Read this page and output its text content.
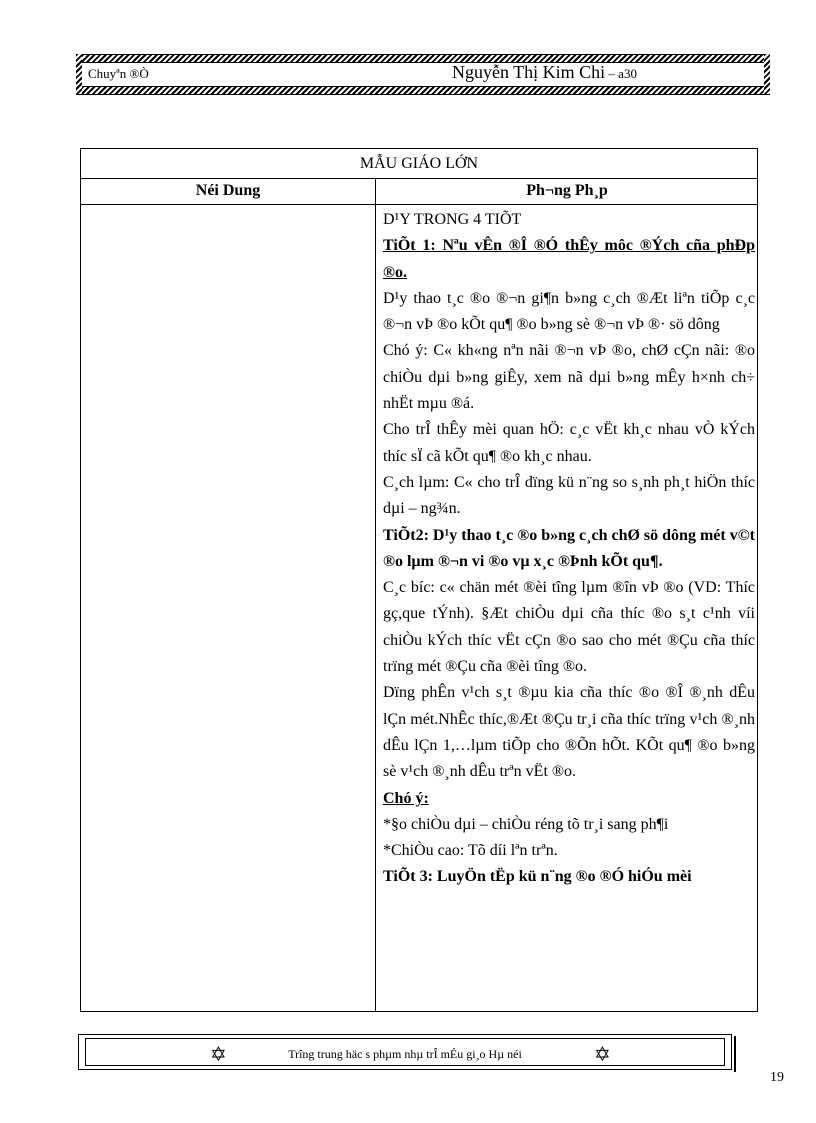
Chuyªn ®Ò	Nguyễn Thị Kim Chi – a30
MẪU GIÁO LỚN
Néi Dung	Ph¬ng Ph¸p

D¹Y TRONG 4 TIÕT

TiÕt 1: Nªu vÊn ®Î ®Ó thÊy môc ®Ých cña phÐp ®o.

D¹y thao t¸c ®o ®¬n gi¶n b»ng c¸ch ®Æt liªn tiÕp c¸c ®¬n vÞ ®o kÕt qu¶ ®o b»ng sè ®¬n vÞ ®· sö dông

Chó ý: C« kh«ng nªn nãi ®¬n vÞ ®o, chØ cÇn nãi: ®o chiÒu dµi b»ng giÊy, xem nã dµi b»ng mÊy h×nh ch÷ nhËt mµu ®á.

Cho trÎ thÊy mèi quan hÖ: c¸c vËt kh¸c nhau vÒ kÝch thíc sÏ cã kÕt qu¶ ®o kh¸c nhau.

C¸ch lµm: C« cho trÎ dïng kü n¨ng so s¸nh ph¸t hiÖn thíc dµi – ng¾n.

TiÕt2: D¹y thao t¸c ®o b»ng c¸ch chØ sö dông mét v©t ®o lµm ®¬n vi ®o vµ x¸c ®Þnh kÕt qu¶.

C¸c bíc: c« chän mét ®èi tîng lµm ®în vÞ ®o (VD: Thíc gç,que tÝnh). §Æt chiÒu dµi cña thíc ®o s¸t c¹nh víi chiÒu kÝch thíc vËt cÇn ®o sao cho mét ®Çu cña thíc trïng mét ®Çu cña ®èi tîng ®o.

Dïng phÊn v¹ch s¸t ®µu kia cña thíc ®o ®Î ®¸nh dÊu lÇn mét.NhÊc thíc,®Æt ®Çu tr¸i cña thíc trïng v¹ch ®¸nh dÊu lÇn 1,…lµm tiÕp cho ®Õn hÕt. KÕt qu¶ ®o b»ng sè v¹ch ®¸nh dÊu trªn vËt ®o.

Chó ý:

*§o chiÒu dµi – chiÒu réng tõ tr¸i sang ph¶i

*ChiÒu cao: Tõ díi lªn trªn.

TiÕt 3: LuyÖn tËp kü n¨ng ®o ®Ó hiÓu mèi

✡	Trîng trung häc s phµm nhµ trÎ mÉu gi¸o Hµ néi	✡
19
